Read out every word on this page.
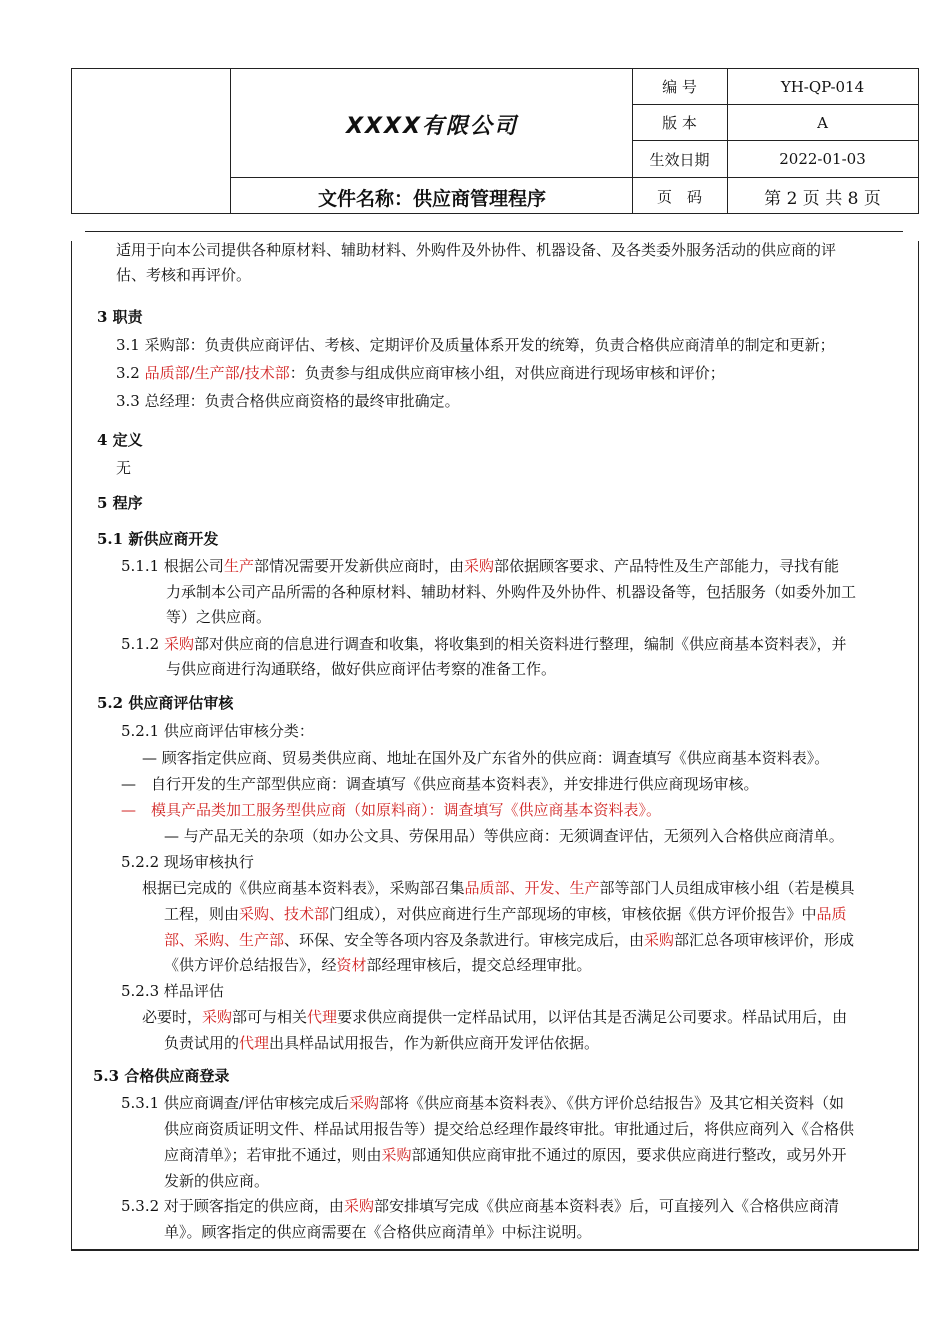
XXXX有限公司
文件名称：供应商管理程序
编 号	YH-QP-014
版 本	A
生效日期	2022-01-03
页　码	第 2 页 共 8 页
适用于向本公司提供各种原材料、辅助材料、外购件及外协件、机器设备、及各类委外服务活动的供应商的评
估、考核和再评价。
3 职责
3.1 采购部：负责供应商评估、考核、定期评价及质量体系开发的统筹，负责合格供应商清单的制定和更新；
3.2 品质部/生产部/技术部：负责参与组成供应商审核小组，对供应商进行现场审核和评价；
3.3 总经理：负责合格供应商资格的最终审批确定。
4 定义
无
5 程序
5.1 新供应商开发
5.1.1 根据公司生产部情况需要开发新供应商时，由采购部依据顾客要求、产品特性及生产部能力，寻找有能
力承制本公司产品所需的各种原材料、辅助材料、外购件及外协件、机器设备等，包括服务（如委外加工
等）之供应商。
5.1.2 采购部对供应商的信息进行调查和收集，将收集到的相关资料进行整理，编制《供应商基本资料表》，并
与供应商进行沟通联络，做好供应商评估考察的准备工作。
5.2 供应商评估审核
5.2.1 供应商评估审核分类：
— 顾客指定供应商、贸易类供应商、地址在国外及广东省外的供应商：调查填写《供应商基本资料表》。
—　自行开发的生产部型供应商：调查填写《供应商基本资料表》，并安排进行供应商现场审核。
—　模具产品类加工服务型供应商（如原料商）：调查填写《供应商基本资料表》。
— 与产品无关的杂项（如办公文具、劳保用品）等供应商：无须调查评估，无须列入合格供应商清单。
5.2.2 现场审核执行
根据已完成的《供应商基本资料表》，采购部召集品质部、开发、生产部等部门人员组成审核小组（若是模具
工程，则由采购、技术部门组成），对供应商进行生产部现场的审核，审核依据《供方评价报告》中品质
部、采购、生产部、环保、安全等各项内容及条款进行。审核完成后，由采购部汇总各项审核评价，形成
《供方评价总结报告》，经资材部经理审核后，提交总经理审批。
5.2.3 样品评估
必要时，采购部可与相关代理要求供应商提供一定样品试用，以评估其是否满足公司要求。样品试用后，由
负责试用的代理出具样品试用报告，作为新供应商开发评估依据。
5.3 合格供应商登录
5.3.1 供应商调查/评估审核完成后采购部将《供应商基本资料表》、《供方评价总结报告》及其它相关资料（如
供应商资质证明文件、样品试用报告等）提交给总经理作最终审批。审批通过后，将供应商列入《合格供
应商清单》；若审批不通过，则由采购部通知供应商审批不通过的原因，要求供应商进行整改，或另外开
发新的供应商。
5.3.2 对于顾客指定的供应商，由采购部安排填写完成《供应商基本资料表》后，可直接列入《合格供应商清
单》。顾客指定的供应商需要在《合格供应商清单》中标注说明。
